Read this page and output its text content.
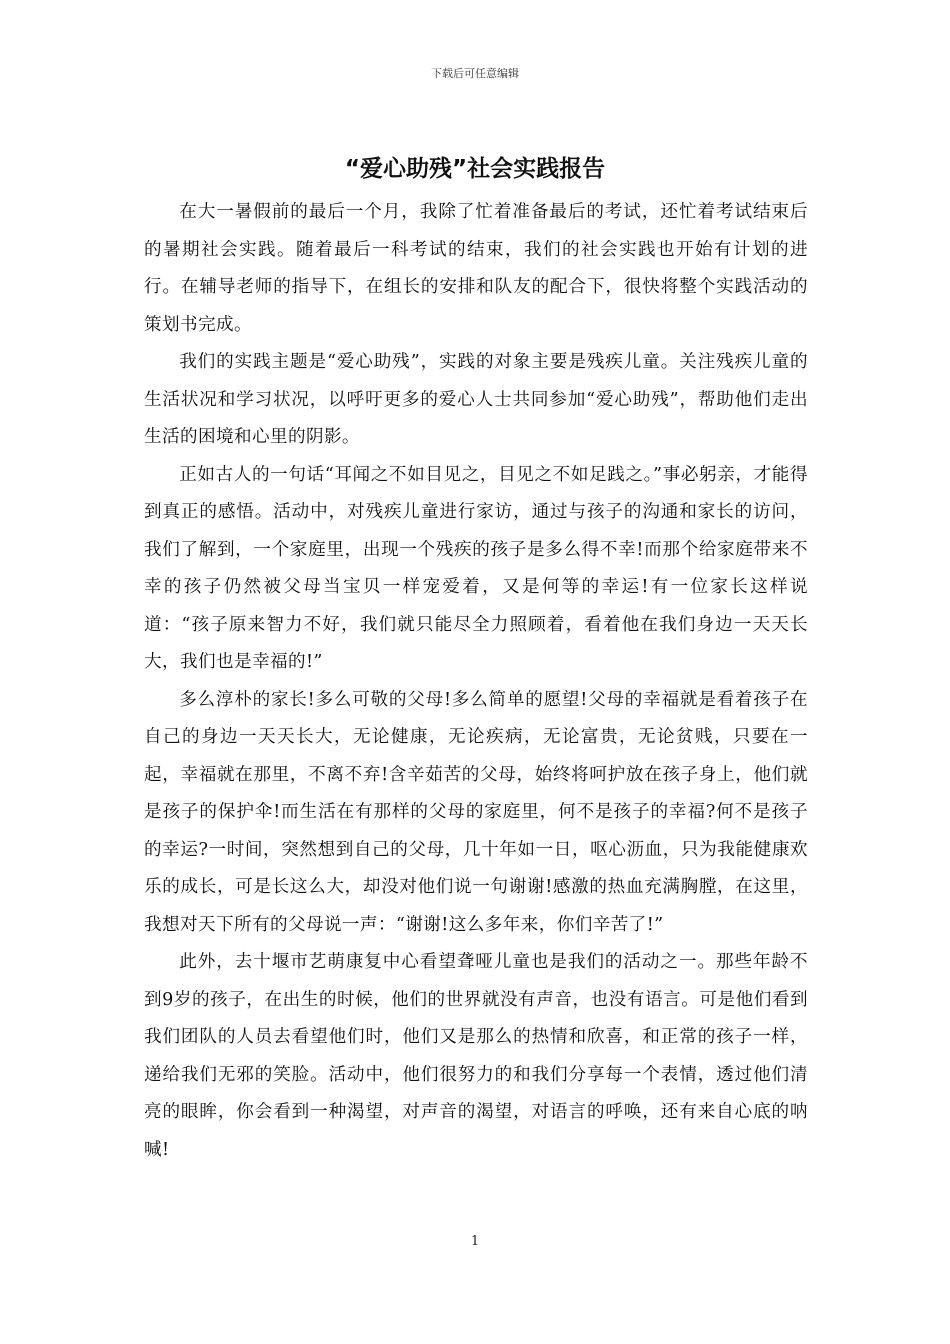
下载后可任意编辑
“爱心助残”社会实践报告

在大一暑假前的最后一个月，我除了忙着准备最后的考试，还忙着考试结束后的暑期社会实践。随着最后一科考试的结束，我们的社会实践也开始有计划的进行。在辅导老师的指导下，在组长的安排和队友的配合下，很快将整个实践活动的策划书完成。

我们的实践主题是“爱心助残”，实践的对象主要是残疾儿童。关注残疾儿童的生活状况和学习状况，以呼吁更多的爱心人士共同参加“爱心助残”，帮助他们走出生活的困境和心里的阴影。

正如古人的一句话“耳闻之不如目见之，目见之不如足践之。”事必躬亲，才能得到真正的感悟。活动中，对残疾儿童进行家访，通过与孩子的沟通和家长的访问，我们了解到，一个家庭里，出现一个残疾的孩子是多么得不幸!而那个给家庭带来不幸的孩子仍然被父母当宝贝一样宠爱着，又是何等的幸运!有一位家长这样说道：“孩子原来智力不好，我们就只能尽全力照顾着，看着他在我们身边一天天长大，我们也是幸福的!”

多么淳朴的家长!多么可敬的父母!多么简单的愿望!父母的幸福就是看着孩子在自己的身边一天天长大，无论健康，无论疾病，无论富贵，无论贫贱，只要在一起，幸福就在那里，不离不弃!含辛茹苦的父母，始终将呵护放在孩子身上，他们就是孩子的保护伞!而生活在有那样的父母的家庭里，何不是孩子的幸福?何不是孩子的幸运?一时间，突然想到自己的父母，几十年如一日，呕心沥血，只为我能健康欢乐的成长，可是长这么大，却没对他们说一句谢谢!感激的热血充满胸膛，在这里，我想对天下所有的父母说一声：“谢谢!这么多年来，你们辛苦了!”

此外，去十堰市艺萌康复中心看望聋哑儿童也是我们的活动之一。那些年龄不到9岁的孩子，在出生的时候，他们的世界就没有声音，也没有语言。可是他们看到我们团队的人员去看望他们时，他们又是那么的热情和欣喜，和正常的孩子一样，递给我们无邪的笑脸。活动中，他们很努力的和我们分享每一个表情，透过他们清亮的眼眸，你会看到一种渴望，对声音的渴望，对语言的呼唤，还有来自心底的呐喊!

1
